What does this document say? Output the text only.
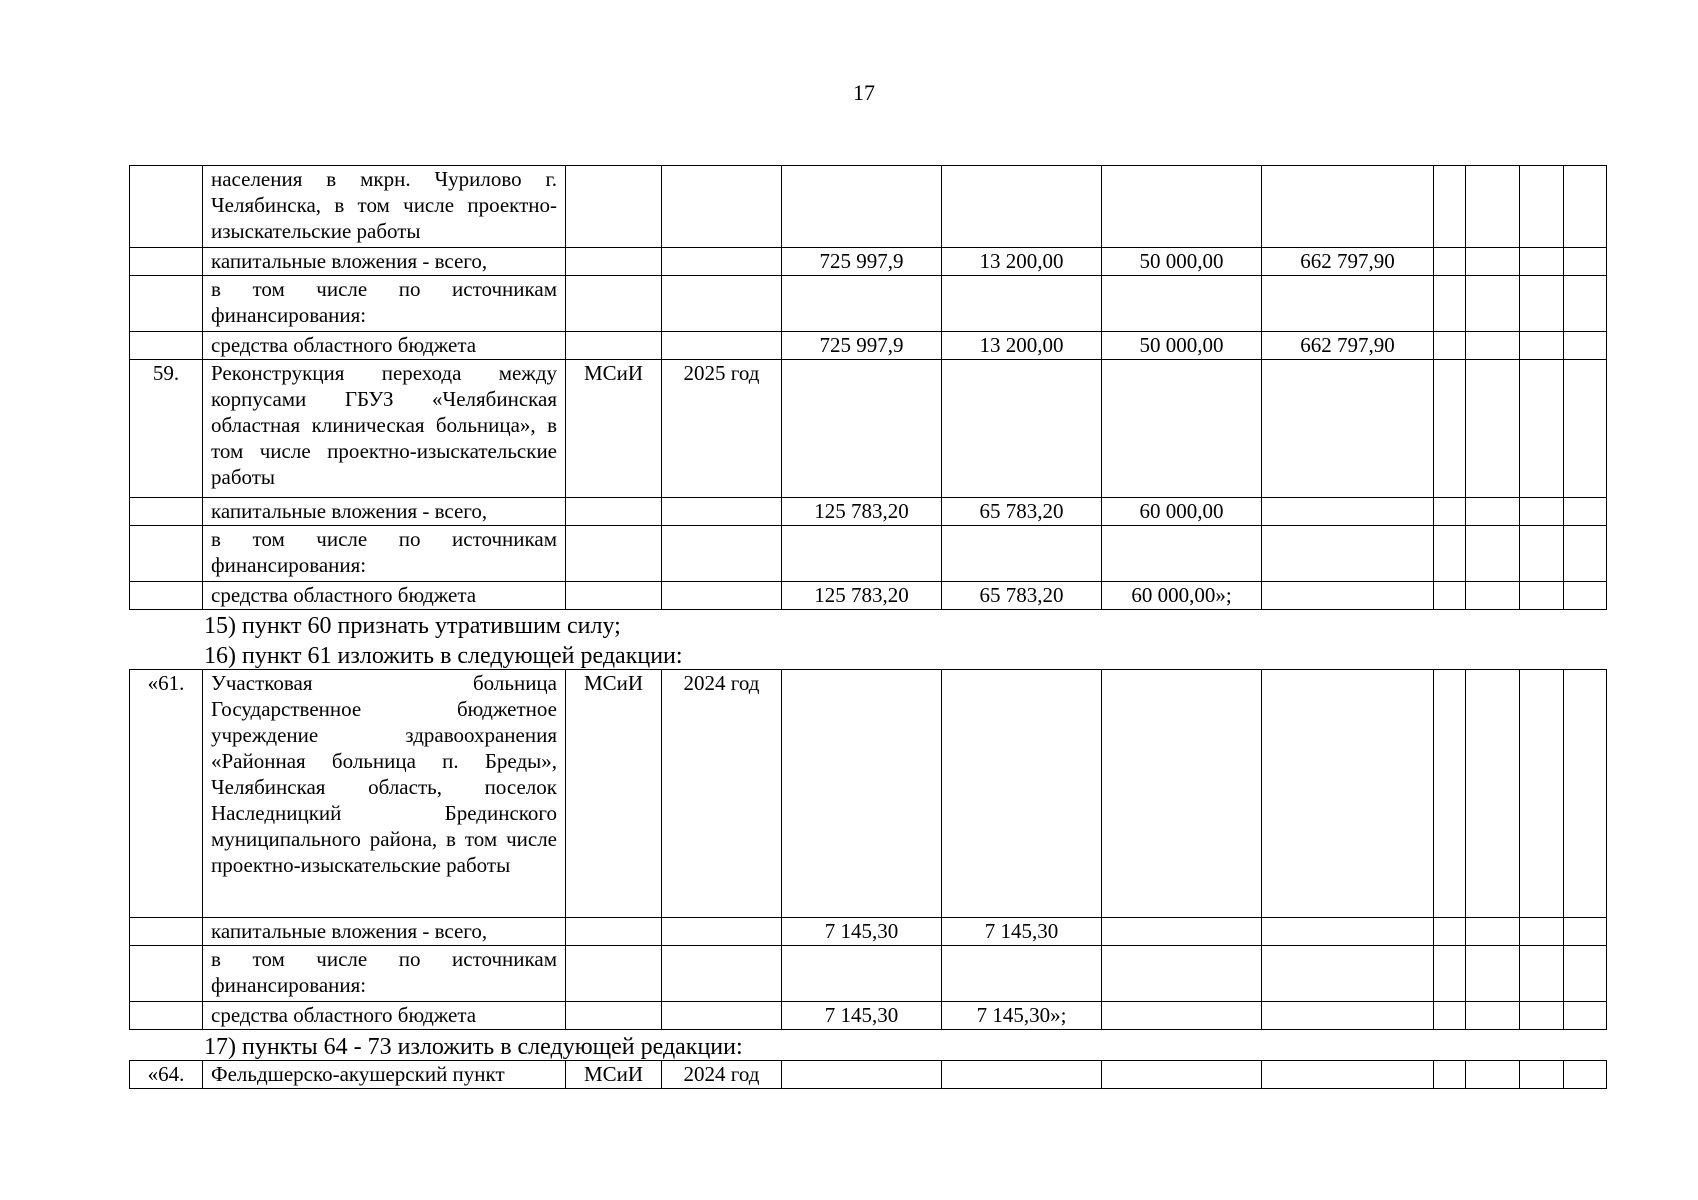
17
	населения в мкрн. Чурилово г. Челябинска, в том числе проектно-изыскательские работы										
	капитальные вложения - всего,			725 997,9	13 200,00	50 000,00	662 797,90				
	в том числе по источникам финансирования:										
	средства областного бюджета			725 997,9	13 200,00	50 000,00	662 797,90				
59.	Реконструкция перехода между корпусами ГБУЗ «Челябинская областная клиническая больница», в том числе проектно-изыскательские работы	МСиИ	2025 год								
	капитальные вложения - всего,			125 783,20	65 783,20	60 000,00					
	в том числе по источникам финансирования:										
	средства областного бюджета			125 783,20	65 783,20	60 000,00»;					
15) пункт 60 признать утратившим силу;
16) пункт 61 изложить в следующей редакции:
«61.	Участковая больница Государственное бюджетное учреждение здравоохранения «Районная больница п. Бреды», Челябинская область, поселок Наследницкий Брединского муниципального района, в том числе проектно-изыскательские работы	МСиИ	2024 год								
	капитальные вложения - всего,			7 145,30	7 145,30						
	в том числе по источникам финансирования:										
	средства областного бюджета			7 145,30	7 145,30»;						
17) пункты 64 - 73 изложить в следующей редакции:
«64.	Фельдшерско-акушерский пункт	МСиИ	2024 год								
